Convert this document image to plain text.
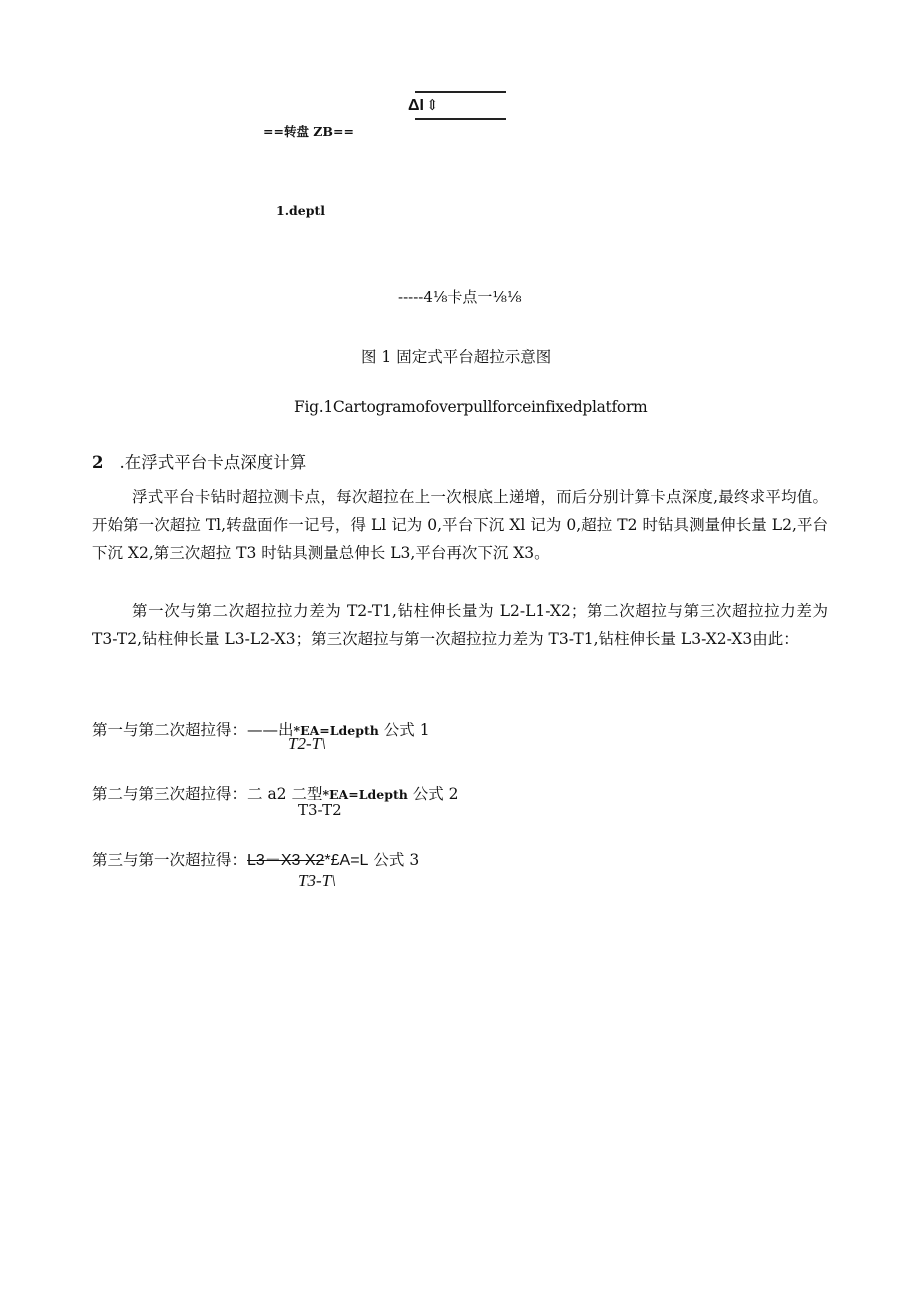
ΔI ⇕
==转盘 ZB==
1.deptl
-----4⅛卡点一⅛⅛
图 1 固定式平台超拉示意图
Fig.1Cartogramofoverpullforceinfixedplatform
2 .在浮式平台卡点深度计算
浮式平台卡钻时超拉测卡点，每次超拉在上一次根底上递增，而后分别计算卡点深度,最终求平均值。开始第一次超拉 Tl,转盘面作一记号，得 Ll 记为 0,平台下沉 Xl 记为 0,超拉 T2 时钻具测量伸长量 L2,平台下沉 X2,第三次超拉 T3 时钻具测量总伸长 L3,平台再次下沉 X3。
第一次与第二次超拉拉力差为 T2-T1,钻柱伸长量为 L2-L1-X2；第二次超拉与第三次超拉拉力差为 T3-T2,钻柱伸长量 L3-L2-X3；第三次超拉与第一次超拉拉力差为 T3-T1,钻柱伸长量 L3-X2-X3由此：
第一与第二次超拉得：——出*EA=Ldepth 公式 1
T2-T\
第二与第三次超拉得：二 a2 二型*EA=Ldepth 公式 2
T3-T2
第三与第一次超拉得：L3－X3 X2*£A=L 公式 3
T3-T\
